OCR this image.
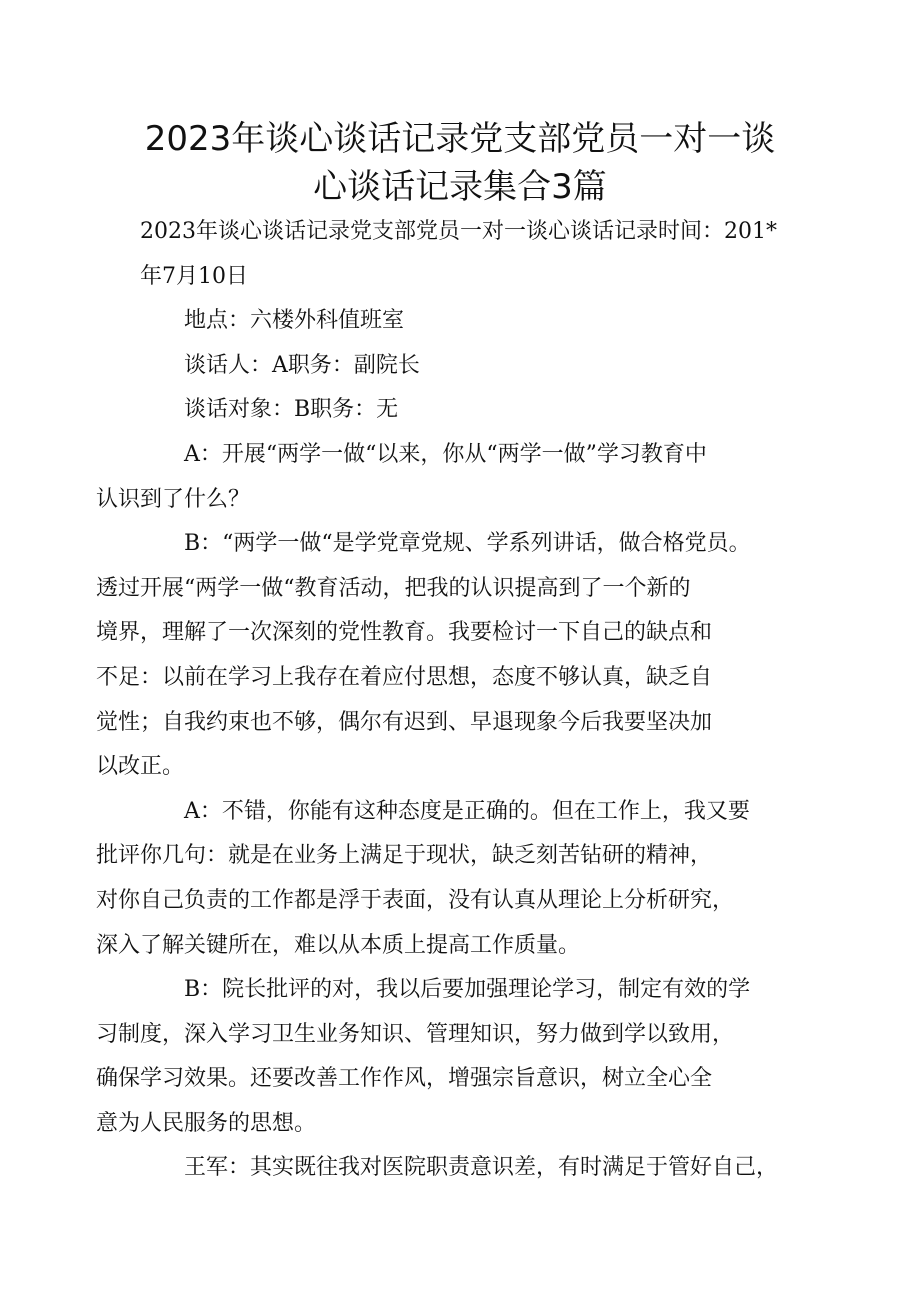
2023年谈心谈话记录党支部党员一对一谈
心谈话记录集合3篇

2023年谈心谈话记录党支部党员一对一谈心谈话记录时间：201*
年7月10日

地点：六楼外科值班室

谈话人：A职务：副院长

谈话对象：B职务：无

A：开展“两学一做“以来，你从“两学一做”学习教育中
认识到了什么？

B：“两学一做“是学党章党规、学系列讲话，做合格党员。
透过开展“两学一做“教育活动，把我的认识提高到了一个新的
境界，理解了一次深刻的党性教育。我要检讨一下自己的缺点和
不足：以前在学习上我存在着应付思想，态度不够认真，缺乏自
觉性；自我约束也不够，偶尔有迟到、早退现象今后我要坚决加
以改正。

A：不错，你能有这种态度是正确的。但在工作上，我又要
批评你几句：就是在业务上满足于现状，缺乏刻苦钻研的精神，
对你自己负责的工作都是浮于表面，没有认真从理论上分析研究，
深入了解关键所在，难以从本质上提高工作质量。

B：院长批评的对，我以后要加强理论学习，制定有效的学
习制度，深入学习卫生业务知识、管理知识，努力做到学以致用，
确保学习效果。还要改善工作作风，增强宗旨意识，树立全心全
意为人民服务的思想。

王军：其实既往我对医院职责意识差，有时满足于管好自己，
